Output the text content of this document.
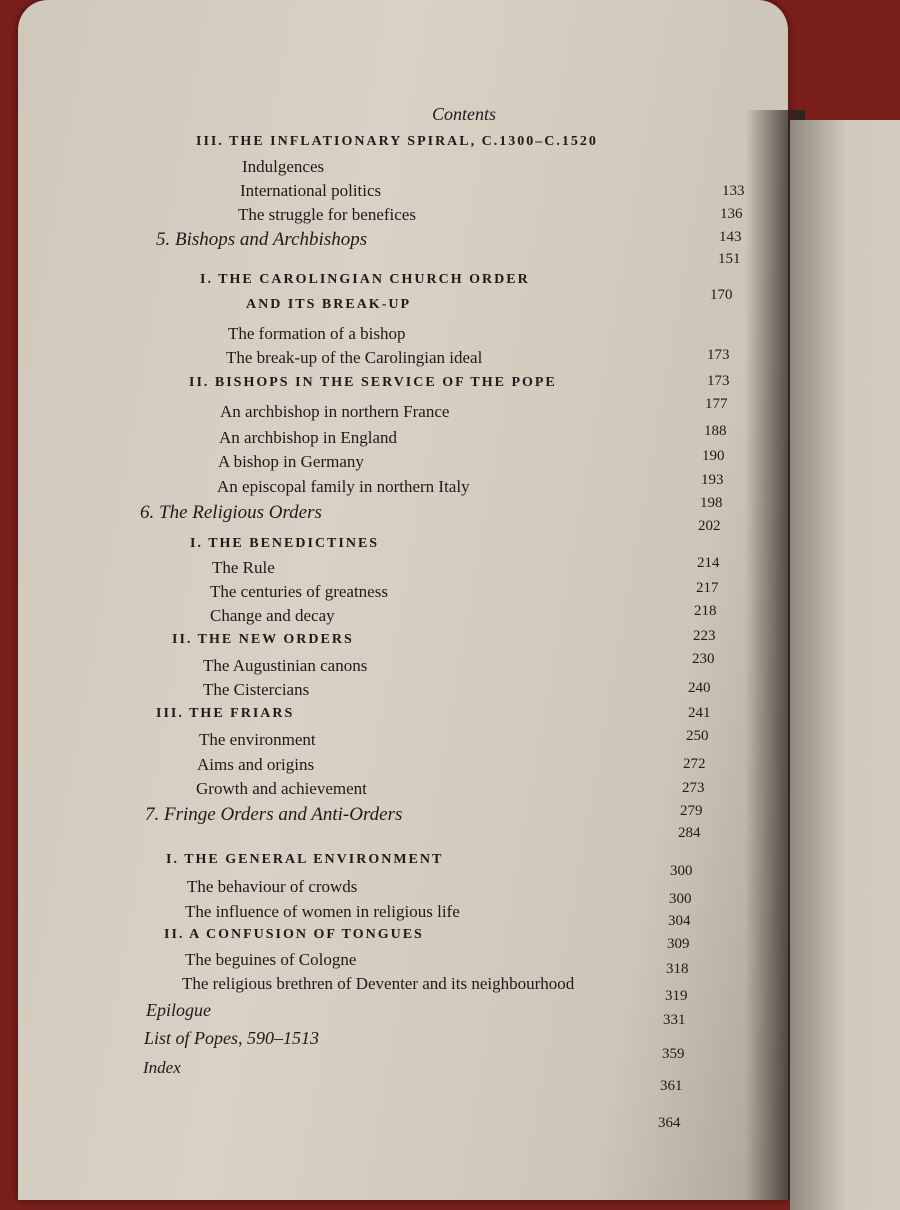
Contents
III. THE INFLATIONARY SPIRAL, C.1300–C.1520
Indulgences
International politics
The struggle for benefices
5. Bishops and Archbishops
I. THE CAROLINGIAN CHURCH ORDER
AND ITS BREAK-UP
The formation of a bishop
The break-up of the Carolingian ideal
II. BISHOPS IN THE SERVICE OF THE POPE
An archbishop in northern France
An archbishop in England
A bishop in Germany
An episcopal family in northern Italy
6. The Religious Orders
I. THE BENEDICTINES
The Rule
The centuries of greatness
Change and decay
II. THE NEW ORDERS
The Augustinian canons
The Cistercians
III. THE FRIARS
The environment
Aims and origins
Growth and achievement
7. Fringe Orders and Anti-Orders
I. THE GENERAL ENVIRONMENT
The behaviour of crowds
The influence of women in religious life
II. A CONFUSION OF TONGUES
The beguines of Cologne
The religious brethren of Deventer and its neighbourhood
Epilogue
List of Popes, 590–1513
Index
133
136
143
151
170
173
173
177
188
190
193
198
202
214
217
218
223
230
240
241
250
272
273
279
284
300
300
304
309
318
319
331
359
361
364
